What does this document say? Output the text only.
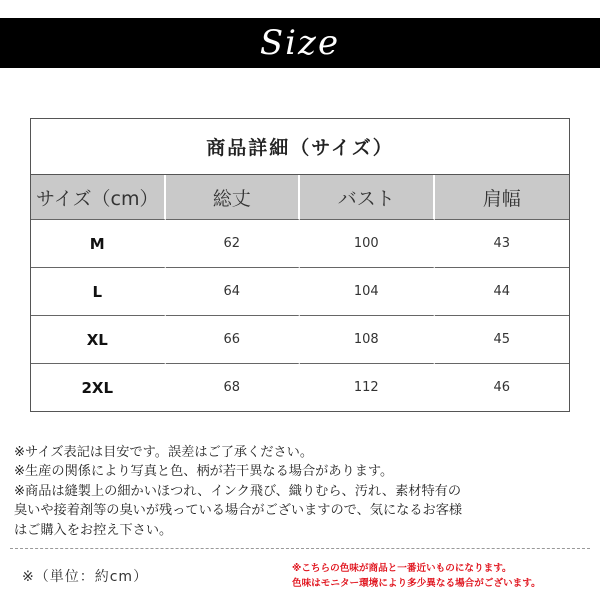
Size
商品詳細（サイズ）
サイズ（cm）	総丈	バスト	肩幅
M	62	100	43
L	64	104	44
XL	66	108	45
2XL	68	112	46
※サイズ表記は目安です。誤差はご了承ください。
※生産の関係により写真と色、柄が若干異なる場合があります。
※商品は縫製上の細かいほつれ、インク飛び、織りむら、汚れ、素材特有の
臭いや接着剤等の臭いが残っている場合がございますので、気になるお客様
はご購入をお控え下さい。
※（単位：約cm）
※こちらの色味が商品と一番近いものになります。
色味はモニター環境により多少異なる場合がございます。
